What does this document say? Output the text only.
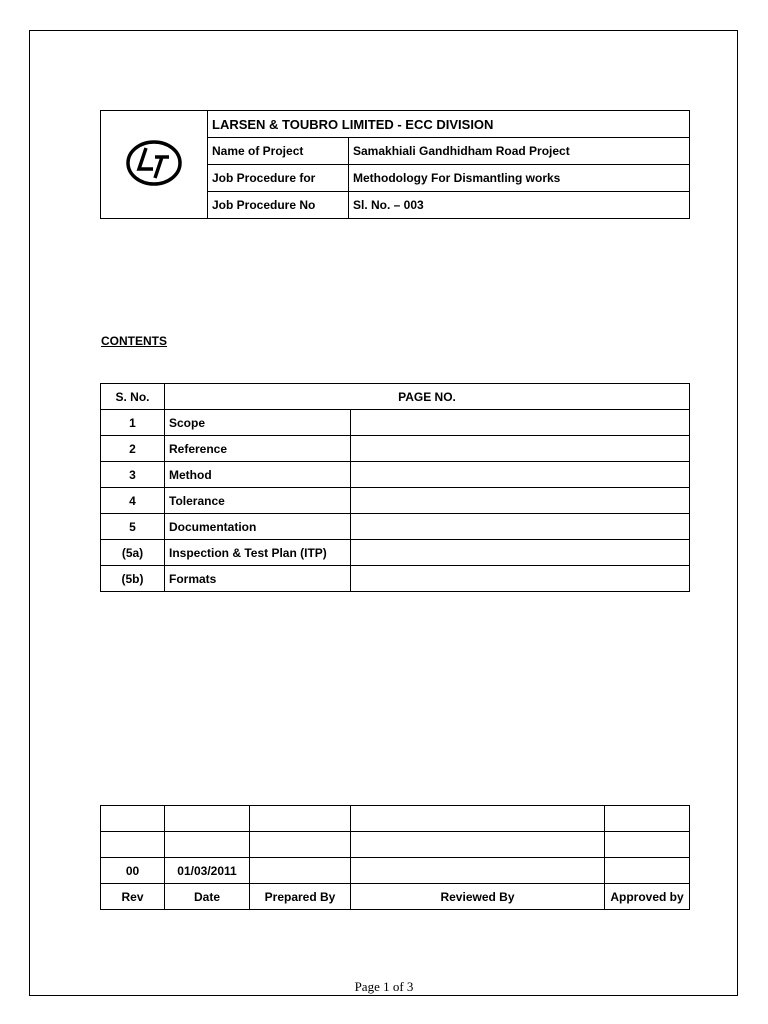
	LARSEN & TOUBRO LIMITED - ECC DIVISION	
	Name of Project	Samakhiali Gandhidham Road Project
	Job Procedure for	Methodology For Dismantling works
	Job Procedure No	Sl. No. – 003
CONTENTS
S. No.	PAGE NO.	
1	Scope	
2	Reference	
3	Method	
4	Tolerance	
5	Documentation	
(5a)	Inspection & Test Plan (ITP)	
(5b)	Formats	

00	01/03/2011			
Rev	Date	Prepared By	Reviewed By	Approved by
Page 1 of 3
